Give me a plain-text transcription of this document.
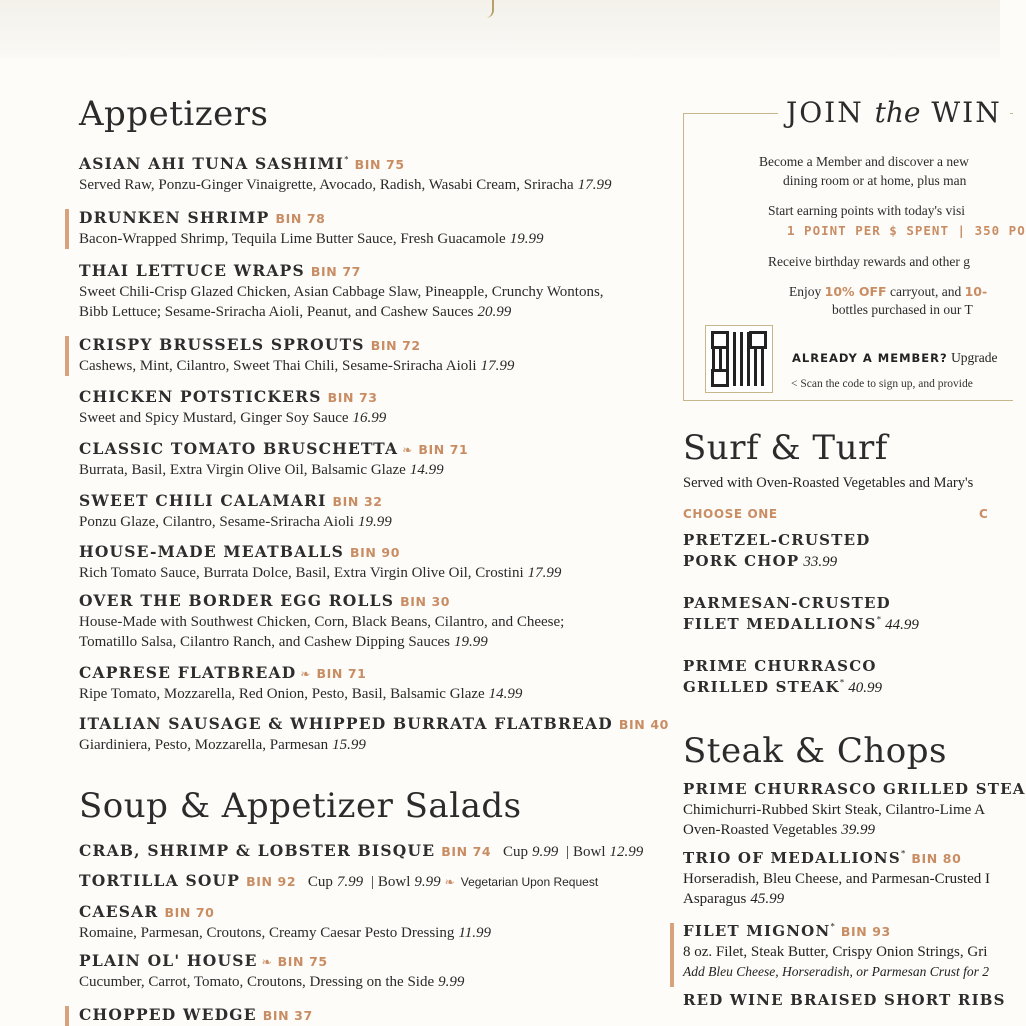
Appetizers
ASIAN AHI TUNA SASHIMI* BIN 75
Served Raw, Ponzu-Ginger Vinaigrette, Avocado, Radish, Wasabi Cream, Sriracha 17.99
DRUNKEN SHRIMP BIN 78
Bacon-Wrapped Shrimp, Tequila Lime Butter Sauce, Fresh Guacamole 19.99
THAI LETTUCE WRAPS BIN 77
Sweet Chili-Crisp Glazed Chicken, Asian Cabbage Slaw, Pineapple, Crunchy Wontons,
Bibb Lettuce; Sesame-Sriracha Aioli, Peanut, and Cashew Sauces 20.99
CRISPY BRUSSELS SPROUTS BIN 72
Cashews, Mint, Cilantro, Sweet Thai Chili, Sesame-Sriracha Aioli 17.99
CHICKEN POTSTICKERS BIN 73
Sweet and Spicy Mustard, Ginger Soy Sauce 16.99
CLASSIC TOMATO BRUSCHETTA ❧ BIN 71
Burrata, Basil, Extra Virgin Olive Oil, Balsamic Glaze 14.99
SWEET CHILI CALAMARI BIN 32
Ponzu Glaze, Cilantro, Sesame-Sriracha Aioli 19.99
HOUSE-MADE MEATBALLS BIN 90
Rich Tomato Sauce, Burrata Dolce, Basil, Extra Virgin Olive Oil, Crostini 17.99
OVER THE BORDER EGG ROLLS BIN 30
House-Made with Southwest Chicken, Corn, Black Beans, Cilantro, and Cheese;
Tomatillo Salsa, Cilantro Ranch, and Cashew Dipping Sauces 19.99
CAPRESE FLATBREAD ❧ BIN 71
Ripe Tomato, Mozzarella, Red Onion, Pesto, Basil, Balsamic Glaze 14.99
ITALIAN SAUSAGE & WHIPPED BURRATA FLATBREAD BIN 40
Giardiniera, Pesto, Mozzarella, Parmesan 15.99
Soup & Appetizer Salads
CRAB, SHRIMP & LOBSTER BISQUE BIN 74 Cup 9.99 | Bowl 12.99
TORTILLA SOUP BIN 92 Cup 7.99 | Bowl 9.99 ❧ Vegetarian Upon Request
CAESAR BIN 70
Romaine, Parmesan, Croutons, Creamy Caesar Pesto Dressing 11.99
PLAIN OL' HOUSE ❧ BIN 75
Cucumber, Carrot, Tomato, Croutons, Dressing on the Side 9.99
CHOPPED WEDGE BIN 37
JOIN the WIN
Become a Member and discover a new
dining room or at home, plus man
Start earning points with today's visi
1 POINT PER $ SPENT | 350 PO
Receive birthday rewards and other g
Enjoy 10% OFF carryout, and 10-
bottles purchased in our T
ALREADY A MEMBER? Upgrade
< Scan the code to sign up, and provide
Surf & Turf
Served with Oven-Roasted Vegetables and Mary's
CHOOSE ONE	C
PRETZEL-CRUSTED
PORK CHOP 33.99
PARMESAN-CRUSTED
FILET MEDALLIONS* 44.99
PRIME CHURRASCO
GRILLED STEAK* 40.99
Steak & Chops
PRIME CHURRASCO GRILLED STEA
Chimichurri-Rubbed Skirt Steak, Cilantro-Lime A
Oven-Roasted Vegetables 39.99
TRIO OF MEDALLIONS* BIN 80
Horseradish, Bleu Cheese, and Parmesan-Crusted I
Asparagus 45.99
FILET MIGNON* BIN 93
8 oz. Filet, Steak Butter, Crispy Onion Strings, Gri
Add Bleu Cheese, Horseradish, or Parmesan Crust for 2
RED WINE BRAISED SHORT RIBS
